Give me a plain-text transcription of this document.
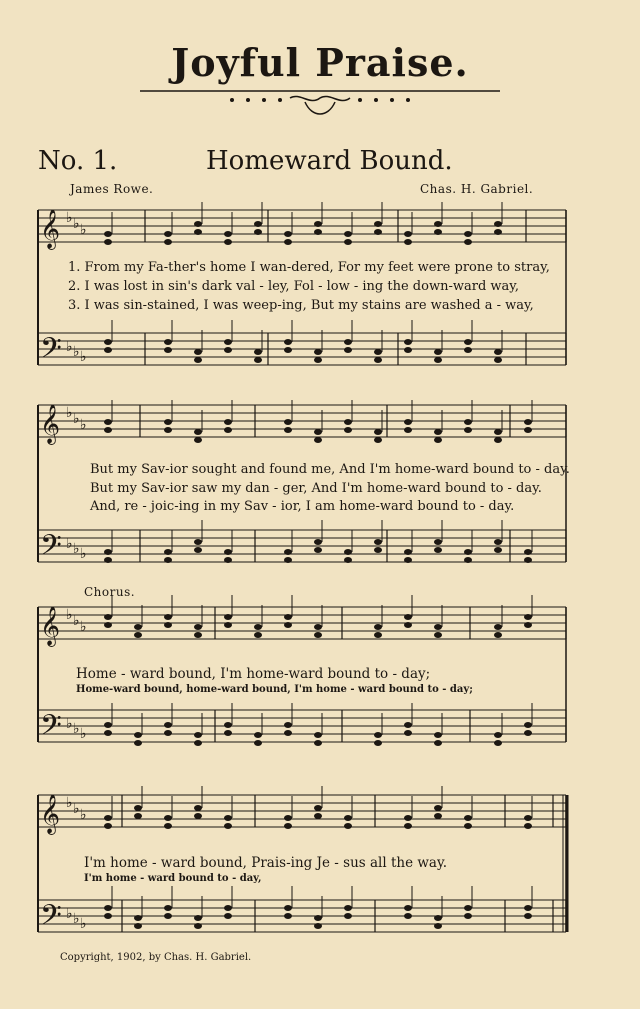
Joyful Praise.
No. 1.	Homeward Bound.
James Rowe.	Chas. H. Gabriel.
𝄞 ♭ ♭ ♭
𝄢 ♭ ♭ ♭
𝄞 ♭ ♭ ♭
𝄢 ♭ ♭ ♭
𝄞 ♭ ♭ ♭
𝄢 ♭ ♭ ♭
𝄞 ♭ ♭ ♭
𝄢 ♭ ♭ ♭
1. From my Fa-ther's home I wan-dered, For my feet were prone to stray,
2. I was lost in sin's dark val - ley, Fol - low - ing the down-ward way,
3. I was sin-stained, I was weep-ing, But my stains are washed a - way,
But my Sav-ior sought and found me, And I'm home-ward bound to - day.
But my Sav-ior saw my dan - ger, And I'm home-ward bound to - day.
And, re - joic-ing in my Sav - ior, I am home-ward bound to - day.
Chorus.
Home - ward bound, I'm home-ward bound to - day;
Home-ward bound, home-ward bound, I'm home - ward bound to - day;
I'm home - ward bound, Prais-ing Je - sus all the way.
I'm home - ward bound to - day,
Copyright, 1902, by Chas. H. Gabriel.
